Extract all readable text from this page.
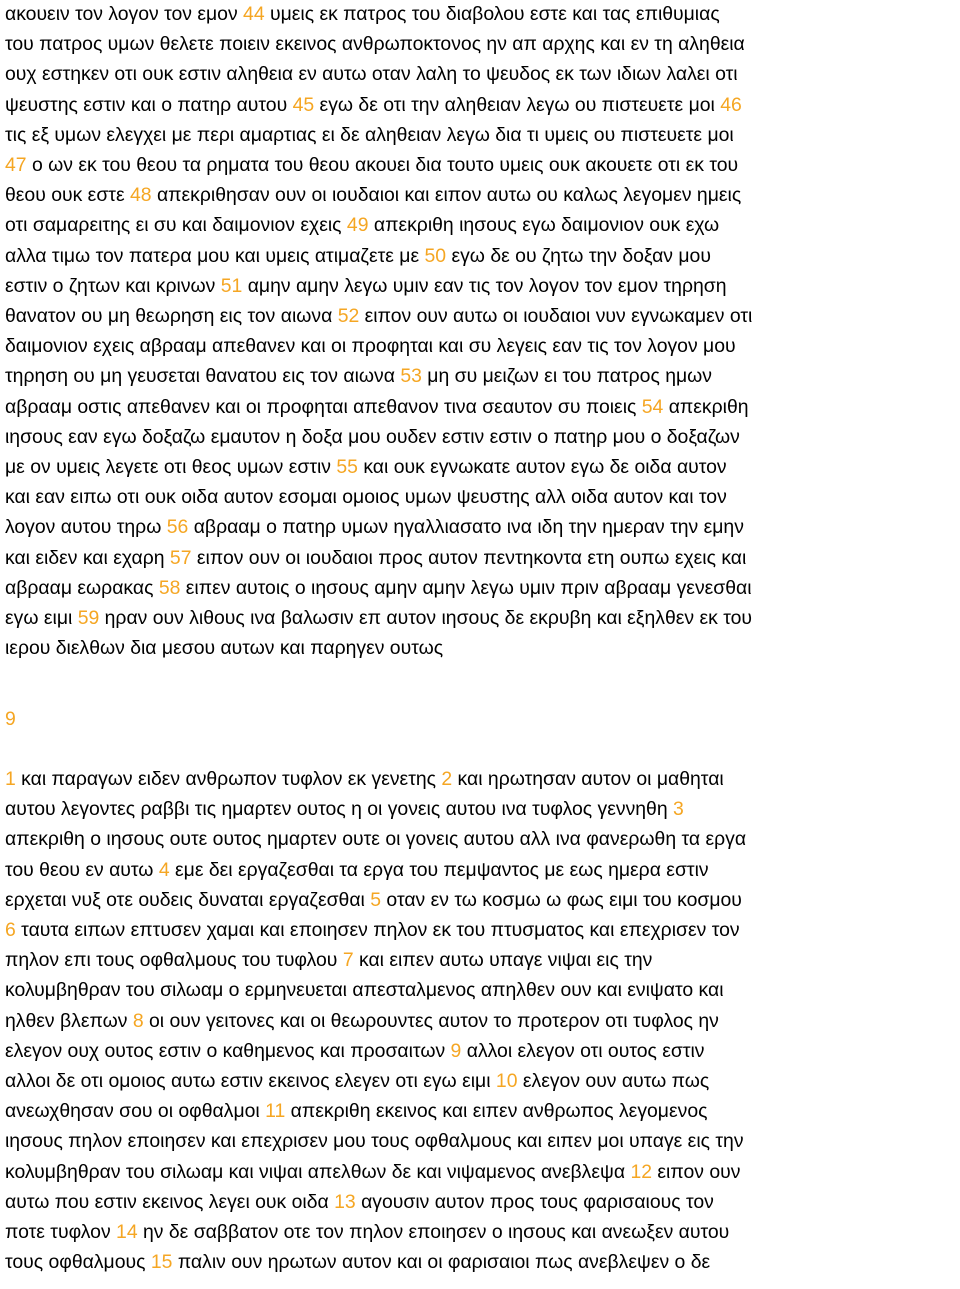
ακουειν τον λογον τον εμον 44 υμεις εκ πατρος του διαβολου εστε και τας επιθυμιας
του πατρος υμων θελετε ποιειν εκεινος ανθρωποκτονος ην απ αρχης και εν τη αληθεια
ουχ εστηκεν οτι ουκ εστιν αληθεια εν αυτω οταν λαλη το ψευδος εκ των ιδιων λαλει οτι
ψευστης εστιν και ο πατηρ αυτου 45 εγω δε οτι την αληθειαν λεγω ου πιστευετε μοι 46
τις εξ υμων ελεγχει με περι αμαρτιας ει δε αληθειαν λεγω δια τι υμεις ου πιστευετε μοι
47 ο ων εκ του θεου τα ρηματα του θεου ακουει δια τουτο υμεις ουκ ακουετε οτι εκ του
θεου ουκ εστε 48 απεκριθησαν ουν οι ιουδαιοι και ειπον αυτω ου καλως λεγομεν ημεις
οτι σαμαρειτης ει συ και δαιμονιον εχεις 49 απεκριθη ιησους εγω δαιμονιον ουκ εχω
αλλα τιμω τον πατερα μου και υμεις ατιμαζετε με 50 εγω δε ου ζητω την δοξαν μου
εστιν ο ζητων και κρινων 51 αμην αμην λεγω υμιν εαν τις τον λογον τον εμον τηρηση
θανατον ου μη θεωρηση εις τον αιωνα 52 ειπον ουν αυτω οι ιουδαιοι νυν εγνωκαμεν οτι
δαιμονιον εχεις αβρααμ απεθανεν και οι προφηται και συ λεγεις εαν τις τον λογον μου
τηρηση ου μη γευσεται θανατου εις τον αιωνα 53 μη συ μειζων ει του πατρος ημων
αβρααμ οστις απεθανεν και οι προφηται απεθανον τινα σεαυτον συ ποιεις 54 απεκριθη
ιησους εαν εγω δοξαζω εμαυτον η δοξα μου ουδεν εστιν εστιν ο πατηρ μου ο δοξαζων
με ον υμεις λεγετε οτι θεος υμων εστιν 55 και ουκ εγνωκατε αυτον εγω δε οιδα αυτον
και εαν ειπω οτι ουκ οιδα αυτον εσομαι ομοιος υμων ψευστης αλλ οιδα αυτον και τον
λογον αυτου τηρω 56 αβρααμ ο πατηρ υμων ηγαλλιασατο ινα ιδη την ημεραν την εμην
και ειδεν και εχαρη 57 ειπον ουν οι ιουδαιοι προς αυτον πεντηκοντα ετη ουπω εχεις και
αβρααμ εωρακας 58 ειπεν αυτοις ο ιησους αμην αμην λεγω υμιν πριν αβρααμ γενεσθαι
εγω ειμι 59 ηραν ουν λιθους ινα βαλωσιν επ αυτον ιησους δε εκρυβη και εξηλθεν εκ του
ιερου διελθων δια μεσου αυτων και παρηγεν ουτως
9
1 και παραγων ειδεν ανθρωπον τυφλον εκ γενετης 2 και ηρωτησαν αυτον οι μαθηται
αυτου λεγοντες ραββι τις ημαρτεν ουτος η οι γονεις αυτου ινα τυφλος γεννηθη 3
απεκριθη ο ιησους ουτε ουτος ημαρτεν ουτε οι γονεις αυτου αλλ ινα φανερωθη τα εργα
του θεου εν αυτω 4 εμε δει εργαζεσθαι τα εργα του πεμψαντος με εως ημερα εστιν
ερχεται νυξ οτε ουδεις δυναται εργαζεσθαι 5 οταν εν τω κοσμω ω φως ειμι του κοσμου
6 ταυτα ειπων επτυσεν χαμαι και εποιησεν πηλον εκ του πτυσματος και επεχρισεν τον
πηλον επι τους οφθαλμους του τυφλου 7 και ειπεν αυτω υπαγε νιψαι εις την
κολυμβηθραν του σιλωαμ ο ερμηνευεται απεσταλμενος απηλθεν ουν και ενιψατο και
ηλθεν βλεπων 8 οι ουν γειτονες και οι θεωρουντες αυτον το προτερον οτι τυφλος ην
ελεγον ουχ ουτος εστιν ο καθημενος και προσαιτων 9 αλλοι ελεγον οτι ουτος εστιν
αλλοι δε οτι ομοιος αυτω εστιν εκεινος ελεγεν οτι εγω ειμι 10 ελεγον ουν αυτω πως
ανεωχθησαν σου οι οφθαλμοι 11 απεκριθη εκεινος και ειπεν ανθρωπος λεγομενος
ιησους πηλον εποιησεν και επεχρισεν μου τους οφθαλμους και ειπεν μοι υπαγε εις την
κολυμβηθραν του σιλωαμ και νιψαι απελθων δε και νιψαμενος ανεβλεψα 12 ειπον ουν
αυτω που εστιν εκεινος λεγει ουκ οιδα 13 αγουσιν αυτον προς τους φαρισαιους τον
ποτε τυφλον 14 ην δε σαββατον οτε τον πηλον εποιησεν ο ιησους και ανεωξεν αυτου
τους οφθαλμους 15 παλιν ουν ηρωτων αυτον και οι φαρισαιοι πως ανεβλεψεν ο δε
